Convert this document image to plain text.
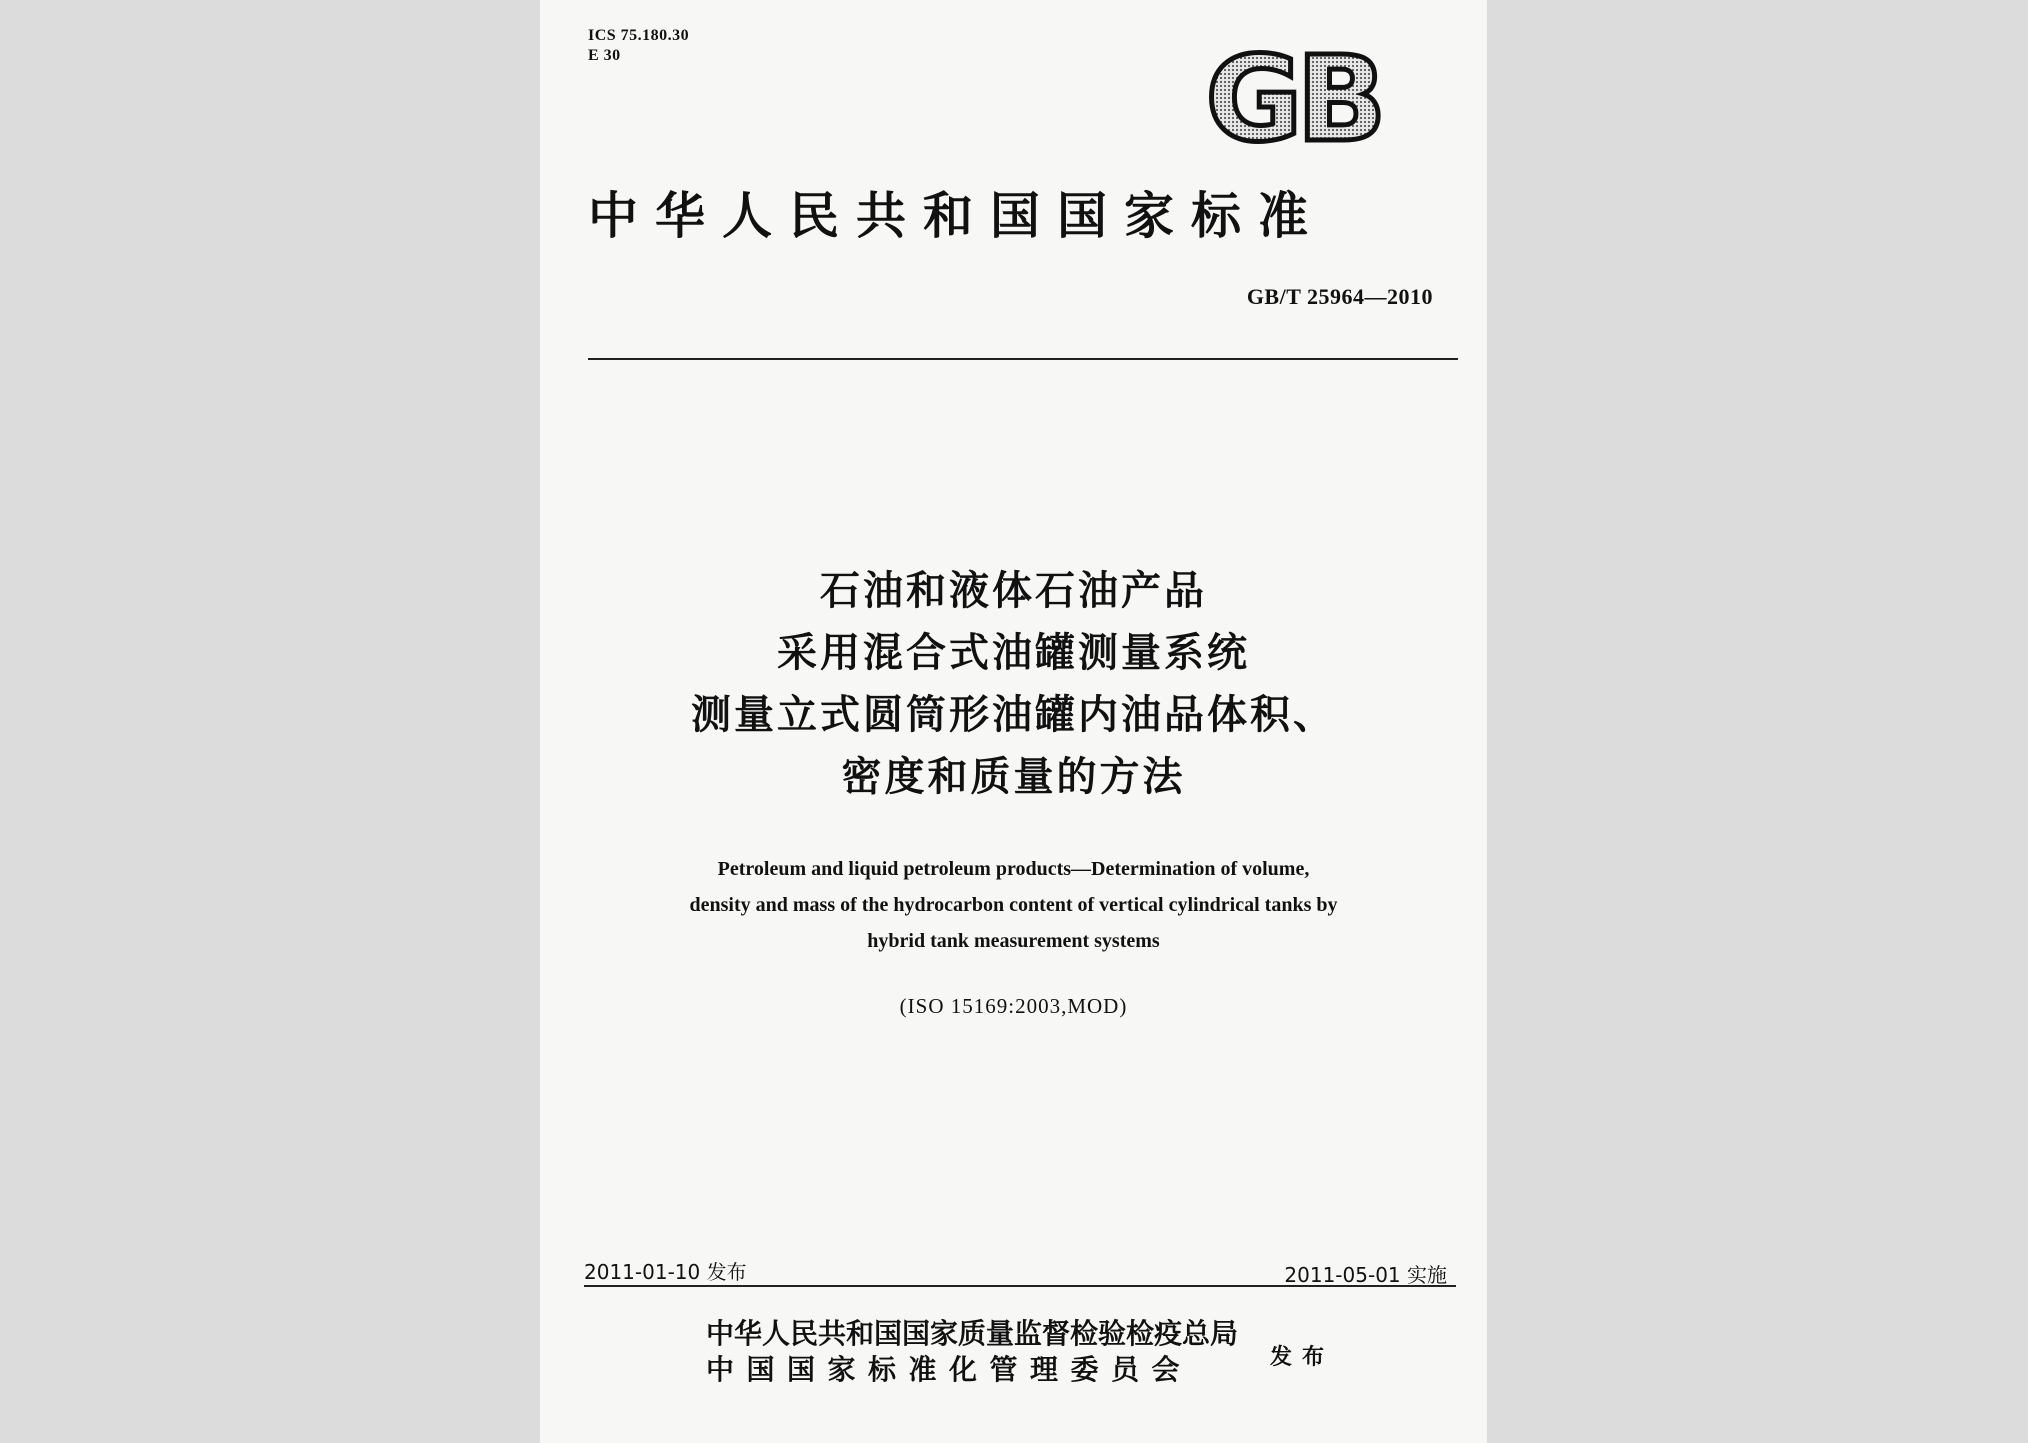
ICS 75.180.30
E 30	GB
中华人民共和国国家标准
GB/T 25964—2010
石油和液体石油产品
采用混合式油罐测量系统
测量立式圆筒形油罐内油品体积、
密度和质量的方法
Petroleum and liquid petroleum products—Determination of volume,
density and mass of the hydrocarbon content of vertical cylindrical tanks by
hybrid tank measurement systems
(ISO 15169:2003,MOD)
2011-01-10 发布	2011-05-01 实施
中华人民共和国国家质量监督检验检疫总局
中国国家标准化管理委员会	发布
